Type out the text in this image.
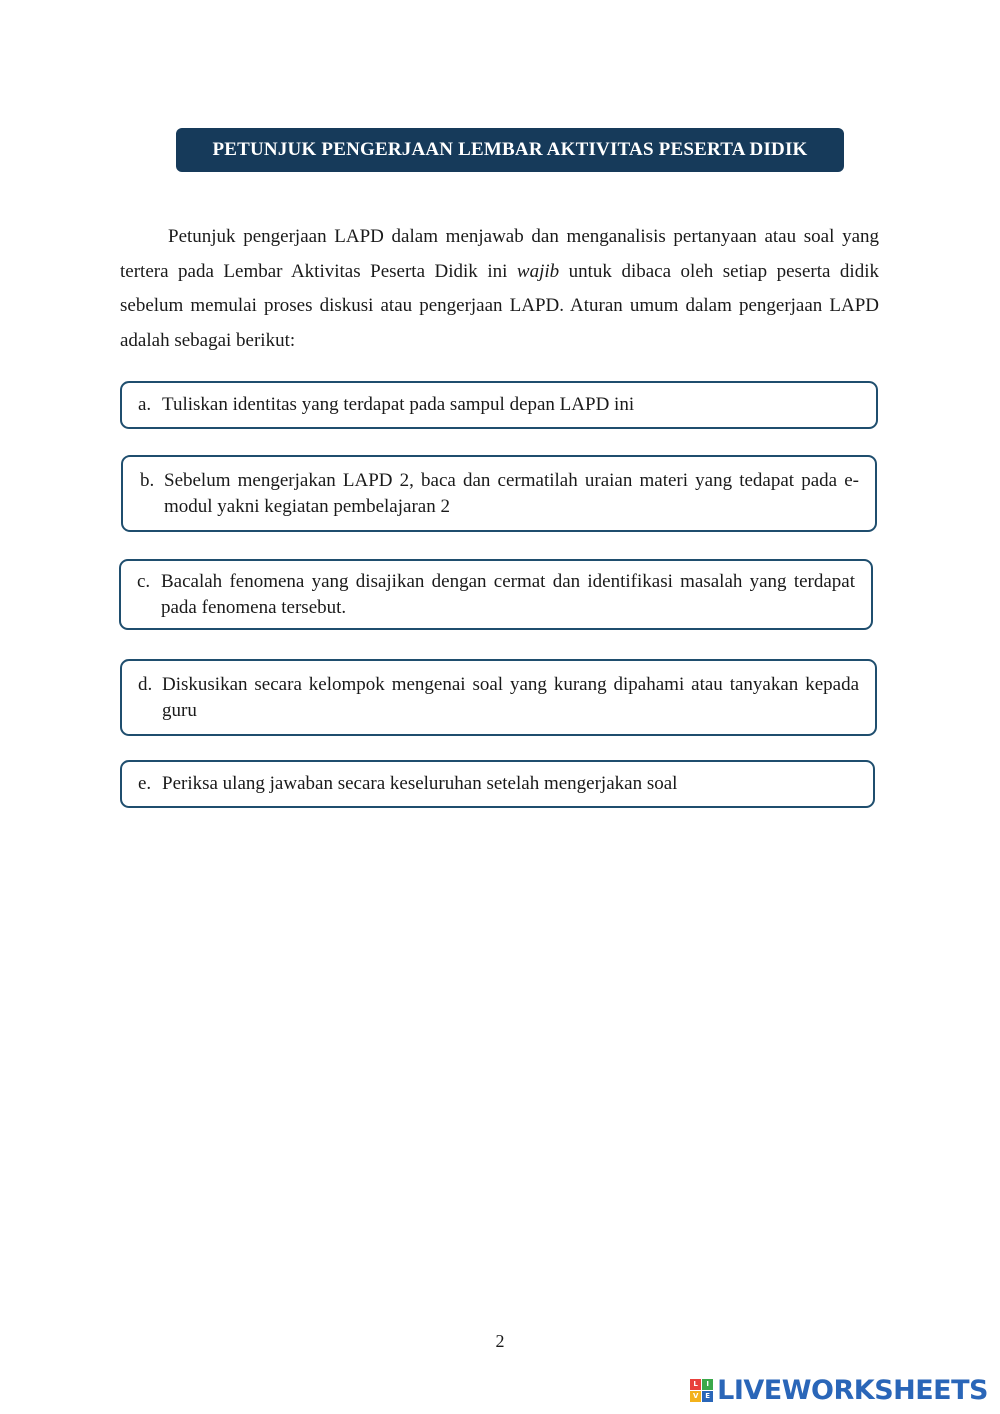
PETUNJUK PENGERJAAN LEMBAR AKTIVITAS PESERTA DIDIK

Petunjuk pengerjaan LAPD dalam menjawab dan menganalisis pertanyaan atau soal yang tertera pada Lembar Aktivitas Peserta Didik ini wajib untuk dibaca oleh setiap peserta didik sebelum memulai proses diskusi atau pengerjaan LAPD. Aturan umum dalam pengerjaan LAPD adalah sebagai berikut:

a. Tuliskan identitas yang terdapat pada sampul depan LAPD ini
b. Sebelum mengerjakan LAPD 2, baca dan cermatilah uraian materi yang tedapat pada e-modul yakni kegiatan pembelajaran 2
c. Bacalah fenomena yang disajikan dengan cermat dan identifikasi masalah yang terdapat pada fenomena tersebut.
d. Diskusikan secara kelompok mengenai soal yang kurang dipahami atau tanyakan kepada guru
e. Periksa ulang jawaban secara keseluruhan setelah mengerjakan soal
2
L	I
V E LIVEWORKSHEETS
